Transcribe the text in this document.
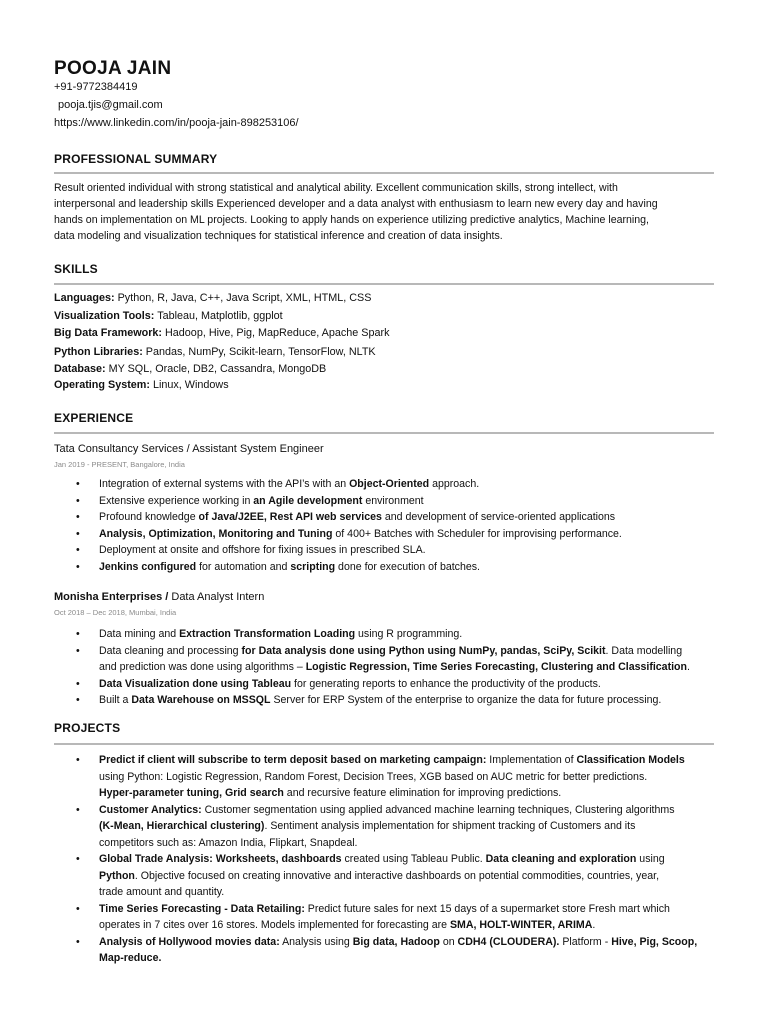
POOJA JAIN
+91-9772384419
pooja.tjis@gmail.com
https://www.linkedin.com/in/pooja-jain-898253106/
PROFESSIONAL SUMMARY
Result oriented individual with strong statistical and analytical ability. Excellent communication skills, strong intellect, with
interpersonal and leadership skills Experienced developer and a data analyst with enthusiasm to learn new every day and having
hands on implementation on ML projects. Looking to apply hands on experience utilizing predictive analytics, Machine learning,
data modeling and visualization techniques for statistical inference and creation of data insights.
SKILLS
Languages: Python, R, Java, C++, Java Script, XML, HTML, CSS
Visualization Tools: Tableau, Matplotlib, ggplot
Big Data Framework: Hadoop, Hive, Pig, MapReduce, Apache Spark
Python Libraries: Pandas, NumPy, Scikit-learn, TensorFlow, NLTK
Database: MY SQL, Oracle, DB2, Cassandra, MongoDB
Operating System: Linux, Windows
EXPERIENCE
Tata Consultancy Services / Assistant System Engineer
Jan 2019 - PRESENT, Bangalore, India
• Integration of external systems with the API’s with an Object-Oriented approach.
• Extensive experience working in an Agile development environment
• Profound knowledge of Java/J2EE, Rest API web services and development of service-oriented applications
• Analysis, Optimization, Monitoring and Tuning of 400+ Batches with Scheduler for improvising performance.
• Deployment at onsite and offshore for fixing issues in prescribed SLA.
• Jenkins configured for automation and scripting done for execution of batches.
Monisha Enterprises / Data Analyst Intern
Oct 2018 – Dec 2018, Mumbai, India
• Data mining and Extraction Transformation Loading using R programming.
• Data cleaning and processing for Data analysis done using Python using NumPy, pandas, SciPy, Scikit. Data modelling
and prediction was done using algorithms – Logistic Regression, Time Series Forecasting, Clustering and Classification.
• Data Visualization done using Tableau for generating reports to enhance the productivity of the products.
• Built a Data Warehouse on MSSQL Server for ERP System of the enterprise to organize the data for future processing.
PROJECTS
• Predict if client will subscribe to term deposit based on marketing campaign: Implementation of Classification Models
using Python: Logistic Regression, Random Forest, Decision Trees, XGB based on AUC metric for better predictions.
Hyper-parameter tuning, Grid search and recursive feature elimination for improving predictions.
• Customer Analytics: Customer segmentation using applied advanced machine learning techniques, Clustering algorithms
(K-Mean, Hierarchical clustering). Sentiment analysis implementation for shipment tracking of Customers and its
competitors such as: Amazon India, Flipkart, Snapdeal.
• Global Trade Analysis: Worksheets, dashboards created using Tableau Public. Data cleaning and exploration using
Python. Objective focused on creating innovative and interactive dashboards on potential commodities, countries, year,
trade amount and quantity.
• Time Series Forecasting - Data Retailing: Predict future sales for next 15 days of a supermarket store Fresh mart which
operates in 7 cites over 16 stores. Models implemented for forecasting are SMA, HOLT-WINTER, ARIMA.
• Analysis of Hollywood movies data: Analysis using Big data, Hadoop on CDH4 (CLOUDERA). Platform - Hive, Pig, Scoop,
Map-reduce.
